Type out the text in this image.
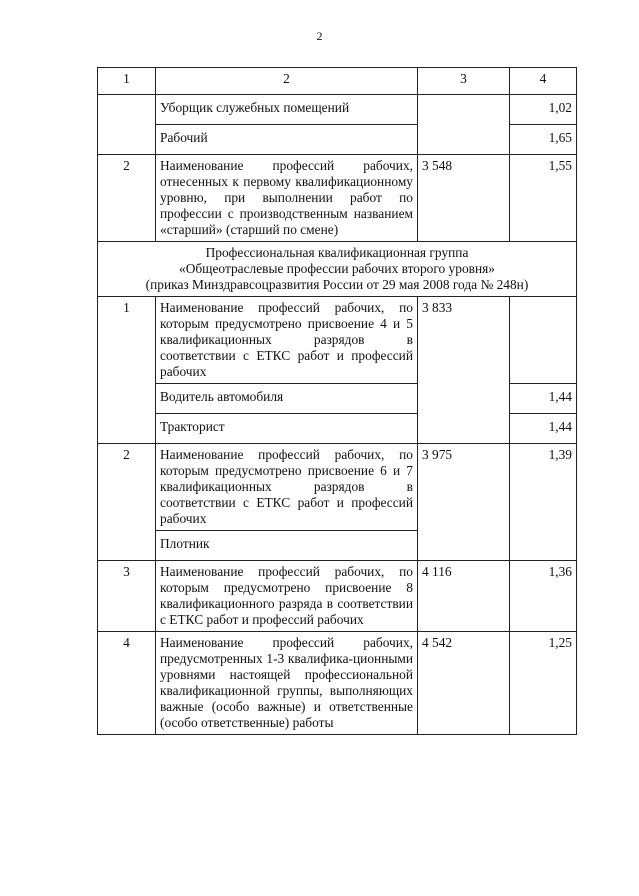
2
1	2	3	4
	Уборщик служебных помещений		1,02
	Рабочий		1,65
2	Наименование профессий рабочих, отнесенных к первому квалификационному уровню, при выполнении работ по профессии с производственным названием «старший» (старший по смене)	3 548	1,55

Профессиональная квалификационная группа
«Общеотраслевые профессии рабочих второго уровня»
(приказ Минздравсоцразвития России от 29 мая 2008 года № 248н)			

1	Наименование профессий рабочих, по которым предусмотрено присвоение 4 и 5 квалификационных разрядов в соответствии с ЕТКС работ и профессий рабочих	3 833	
	Водитель автомобиля		1,44
	Тракторист		1,44
2	Наименование профессий рабочих, по которым предусмотрено присвоение 6 и 7 квалификационных разрядов в соответствии с ЕТКС работ и профессий рабочих	3 975	1,39
	Плотник		
3	Наименование профессий рабочих, по которым предусмотрено присвоение 8 квалификационного разряда в соответствии с ЕТКС работ и профессий рабочих	4 116	1,36
4	Наименование профессий рабочих, предусмотренных 1-3 квалифика-ционными уровнями настоящей профессиональной квалификационной группы, выполняющих важные (особо важные) и ответственные (особо ответственные) работы	4 542	1,25
